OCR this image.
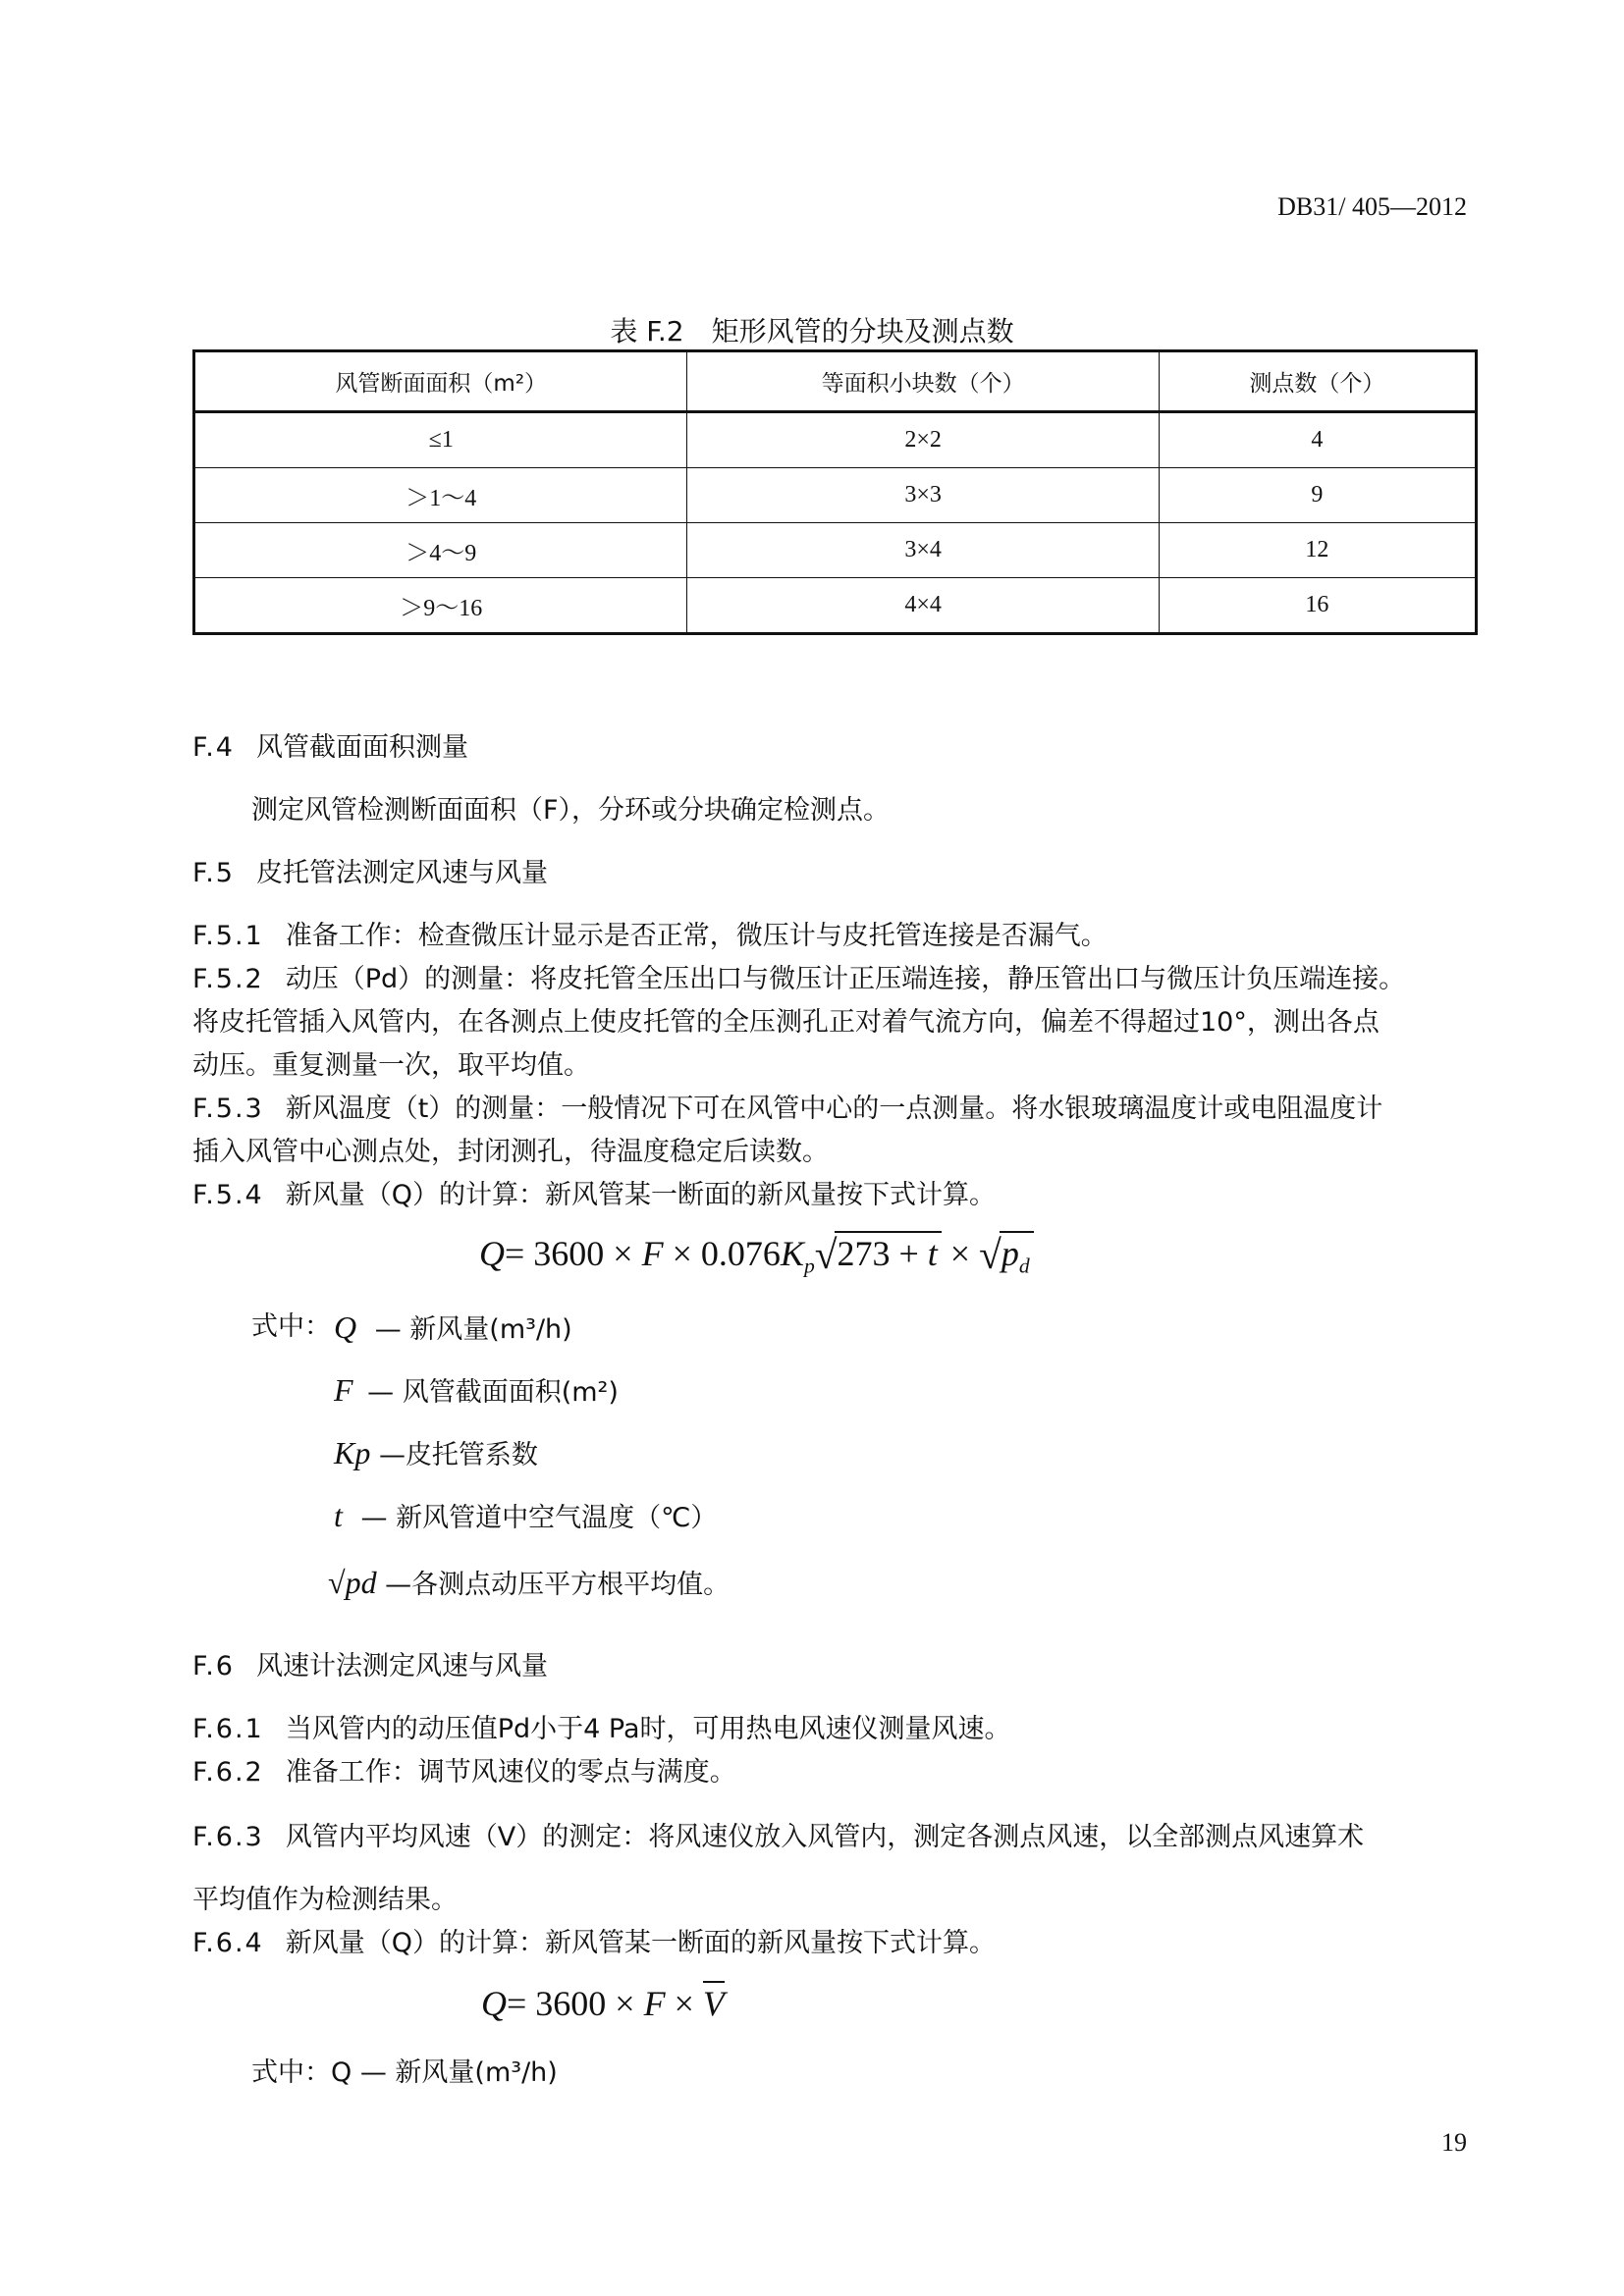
DB31/ 405—2012
表 F.2　矩形风管的分块及测点数
风管断面面积（m²）	等面积小块数（个）	测点数（个）
≤1	2×2	4
＞1～4	3×3	9
＞4～9	3×4	12
＞9～16	4×4	16
F.4 风管截面面积测量
测定风管检测断面面积（F），分环或分块确定检测点。
F.5 皮托管法测定风速与风量
F.5.1 准备工作：检查微压计显示是否正常，微压计与皮托管连接是否漏气。
F.5.2 动压（Pd）的测量：将皮托管全压出口与微压计正压端连接，静压管出口与微压计负压端连接。
将皮托管插入风管内，在各测点上使皮托管的全压测孔正对着气流方向，偏差不得超过10°，测出各点
动压。重复测量一次，取平均值。
F.5.3 新风温度（t）的测量：一般情况下可在风管中心的一点测量。将水银玻璃温度计或电阻温度计
插入风管中心测点处，封闭测孔，待温度稳定后读数。
F.5.4 新风量（Q）的计算：新风管某一断面的新风量按下式计算。
$Q= 3600 \times F \times 0.076K_p√273 + t \times √p_d$
式中： Q — 新风量(m³/h)
F — 风管截面面积(m²)
Kp —皮托管系数
t — 新风管道中空气温度（℃）
√pd —各测点动压平方根平均值。
F.6 风速计法测定风速与风量
F.6.1 当风管内的动压值Pd小于4 Pa时，可用热电风速仪测量风速。
F.6.2 准备工作：调节风速仪的零点与满度。
F.6.3 风管内平均风速（V）的测定：将风速仪放入风管内，测定各测点风速，以全部测点风速算术
平均值作为检测结果。
F.6.4 新风量（Q）的计算：新风管某一断面的新风量按下式计算。
Q= 3600 × F × V
式中：Q — 新风量(m³/h)
19
